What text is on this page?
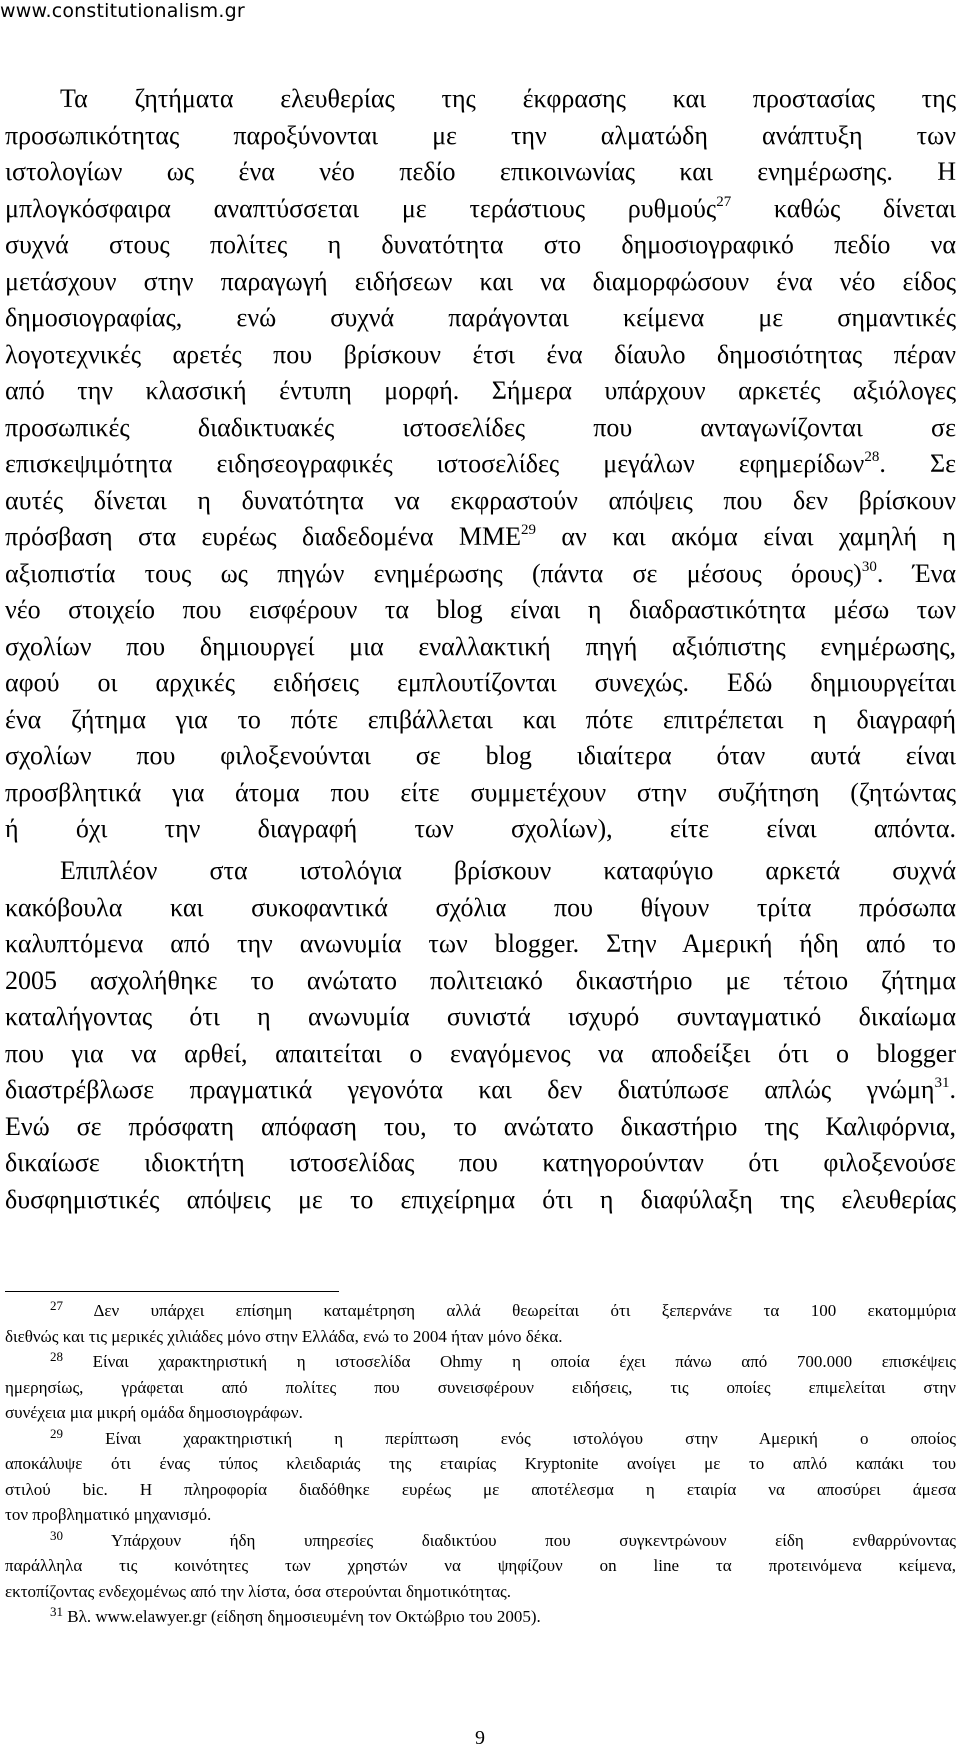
www.constitutionalism.gr
Τα ζητήματα ελευθερίας της έκφρασης και προστασίας της
προσωπικότητας παροξύνονται με την αλματώδη ανάπτυξη των
ιστολογίων ως ένα νέο πεδίο επικοινωνίας και ενημέρωσης. Η
μπλογκόσφαιρα αναπτύσσεται με τεράστιους ρυθμούς$^{27}$ καθώς δίνεται
συχνά στους πολίτες η δυνατότητα στο δημοσιογραφικό πεδίο να
μετάσχουν στην παραγωγή ειδήσεων και να διαμορφώσουν ένα νέο είδος
δημοσιογραφίας, ενώ συχνά παράγονται κείμενα με σημαντικές
λογοτεχνικές αρετές που βρίσκουν έτσι ένα δίαυλο δημοσιότητας πέραν
από την κλασσική έντυπη μορφή. Σήμερα υπάρχουν αρκετές αξιόλογες
προσωπικές διαδικτυακές ιστοσελίδες που ανταγωνίζονται σε
επισκεψιμότητα ειδησεογραφικές ιστοσελίδες μεγάλων εφημερίδων$^{28}$. Σε
αυτές δίνεται η δυνατότητα να εκφραστούν απόψεις που δεν βρίσκουν
πρόσβαση στα ευρέως διαδεδομένα ΜΜΕ$^{29}$ αν και ακόμα είναι χαμηλή η
αξιοπιστία τους ως πηγών ενημέρωσης (πάντα σε μέσους όρους)$^{30}$. Ένα
νέο στοιχείο που εισφέρουν τα blog είναι η διαδραστικότητα μέσω των
σχολίων που δημιουργεί μια εναλλακτική πηγή αξιόπιστης ενημέρωσης,
αφού οι αρχικές ειδήσεις εμπλουτίζονται συνεχώς. Εδώ δημιουργείται
ένα ζήτημα για το πότε επιβάλλεται και πότε επιτρέπεται η διαγραφή
σχολίων που φιλοξενούνται σε blog ιδιαίτερα όταν αυτά είναι
προσβλητικά για άτομα που είτε συμμετέχουν στην συζήτηση (ζητώντας
ή όχι την διαγραφή των σχολίων), είτε είναι απόντα.
Επιπλέον στα ιστολόγια βρίσκουν καταφύγιο αρκετά συχνά
κακόβουλα και συκοφαντικά σχόλια που θίγουν τρίτα πρόσωπα
καλυπτόμενα από την ανωνυμία των blogger. Στην Αμερική ήδη από το
2005 ασχολήθηκε το ανώτατο πολιτειακό δικαστήριο με τέτοιο ζήτημα
καταλήγοντας ότι η ανωνυμία συνιστά ισχυρό συνταγματικό δικαίωμα
που για να αρθεί, απαιτείται ο εναγόμενος να αποδείξει ότι ο blogger
διαστρέβλωσε πραγματικά γεγονότα και δεν διατύπωσε απλώς γνώμη$^{31}$.
Ενώ σε πρόσφατη απόφαση του, το ανώτατο δικαστήριο της Καλιφόρνια,
δικαίωσε ιδιοκτήτη ιστοσελίδας που κατηγορούνταν ότι φιλοξενούσε
δυσφημιστικές απόψεις με το επιχείρημα ότι η διαφύλαξη της ελευθερίας
$^{27}$ Δεν υπάρχει επίσημη καταμέτρηση αλλά θεωρείται ότι ξεπερνάνε τα 100 εκατομμύρια
διεθνώς και τις μερικές χιλιάδες μόνο στην Ελλάδα, ενώ το 2004 ήταν μόνο δέκα.
$^{28}$ Είναι χαρακτηριστική η ιστοσελίδα Ohmy η οποία έχει πάνω από 700.000 επισκέψεις
ημερησίως, γράφεται από πολίτες που συνεισφέρουν ειδήσεις, τις οποίες επιμελείται στην
συνέχεια μια μικρή ομάδα δημοσιογράφων.
$^{29}$ Είναι χαρακτηριστική η περίπτωση ενός ιστολόγου στην Αμερική ο οποίος
αποκάλυψε ότι ένας τύπος κλειδαριάς της εταιρίας Kryptonite ανοίγει με το απλό καπάκι του
στιλού bic. Η πληροφορία διαδόθηκε ευρέως με αποτέλεσμα η εταιρία να αποσύρει άμεσα
τον προβληματικό μηχανισμό.
$^{30}$	Υπάρχουν ήδη υπηρεσίες διαδικτύου που συγκεντρώνουν είδη ενθαρρύνοντας
παράλληλα τις κοινότητες των χρηστών να ψηφίζουν on line τα προτεινόμενα κείμενα,
εκτοπίζοντας ενδεχομένως από την λίστα, όσα στερούνται δημοτικότητας.
$^{31}$ Βλ. www.elawyer.gr (είδηση δημοσιευμένη τον Οκτώβριο του 2005).
9
